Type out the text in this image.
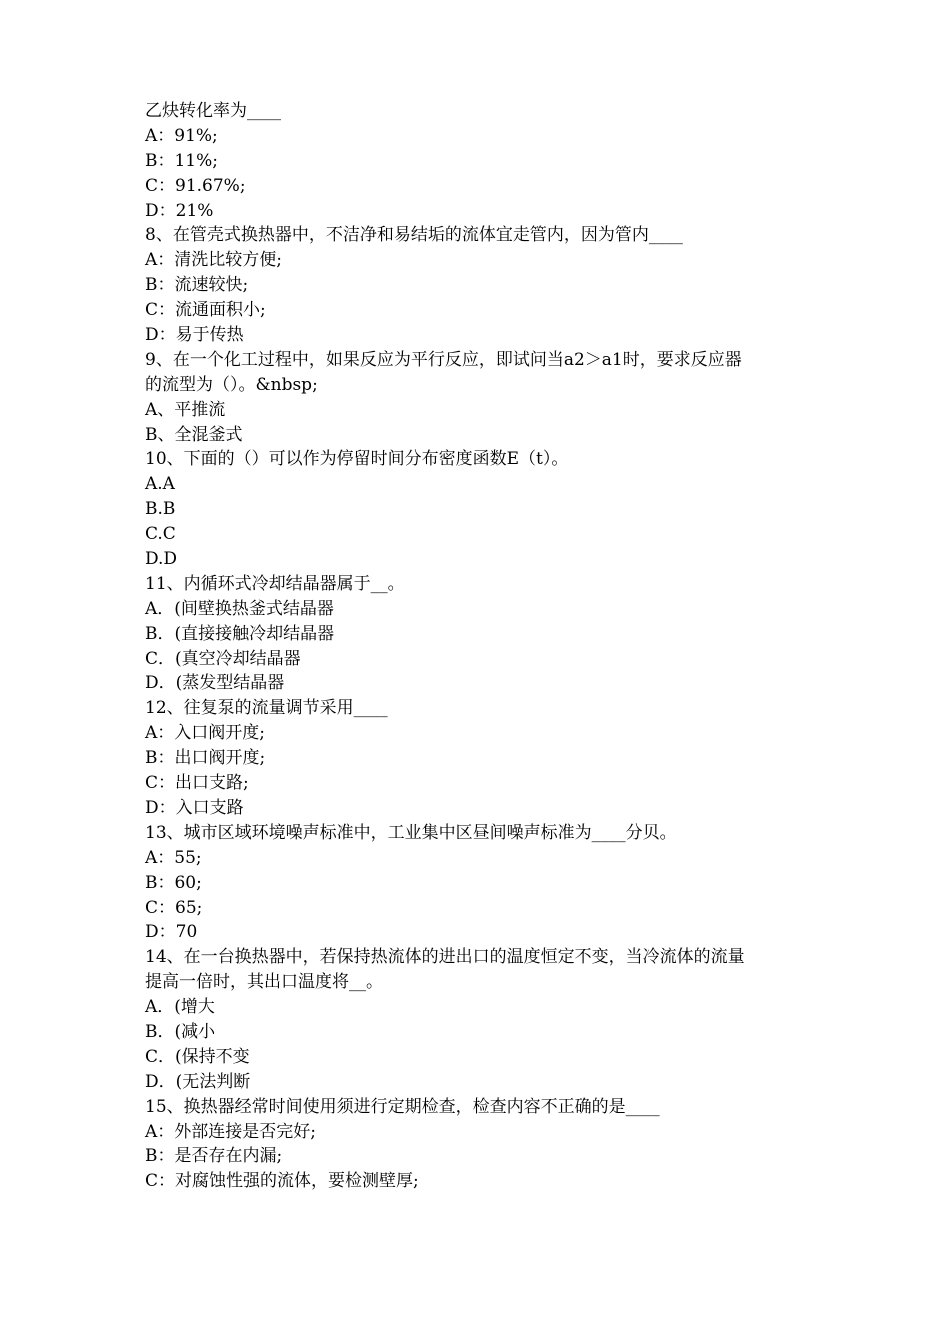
乙炔转化率为____
A：91%;
B：11%;
C：91.67%;
D：21%
8、在管壳式换热器中，不洁净和易结垢的流体宜走管内，因为管内____
A：清洗比较方便;
B：流速较快;
C：流通面积小;
D：易于传热
9、在一个化工过程中，如果反应为平行反应，即试问当a2＞a1时，要求反应器
的流型为（）。&nbsp;
A、平推流
B、全混釜式
10、下面的（）可以作为停留时间分布密度函数E（t）。
A.A
B.B
C.C
D.D
11、内循环式冷却结晶器属于__。
A．(间壁换热釜式结晶器
B．(直接接触冷却结晶器
C．(真空冷却结晶器
D．(蒸发型结晶器
12、往复泵的流量调节采用____
A：入口阀开度;
B：出口阀开度;
C：出口支路;
D：入口支路
13、城市区域环境噪声标准中，工业集中区昼间噪声标准为____分贝。
A：55;
B：60;
C：65;
D：70
14、在一台换热器中，若保持热流体的进出口的温度恒定不变，当冷流体的流量
提高一倍时，其出口温度将__。
A．(增大
B．(减小
C．(保持不变
D．(无法判断
15、换热器经常时间使用须进行定期检查，检查内容不正确的是____
A：外部连接是否完好;
B：是否存在内漏;
C：对腐蚀性强的流体，要检测壁厚;
